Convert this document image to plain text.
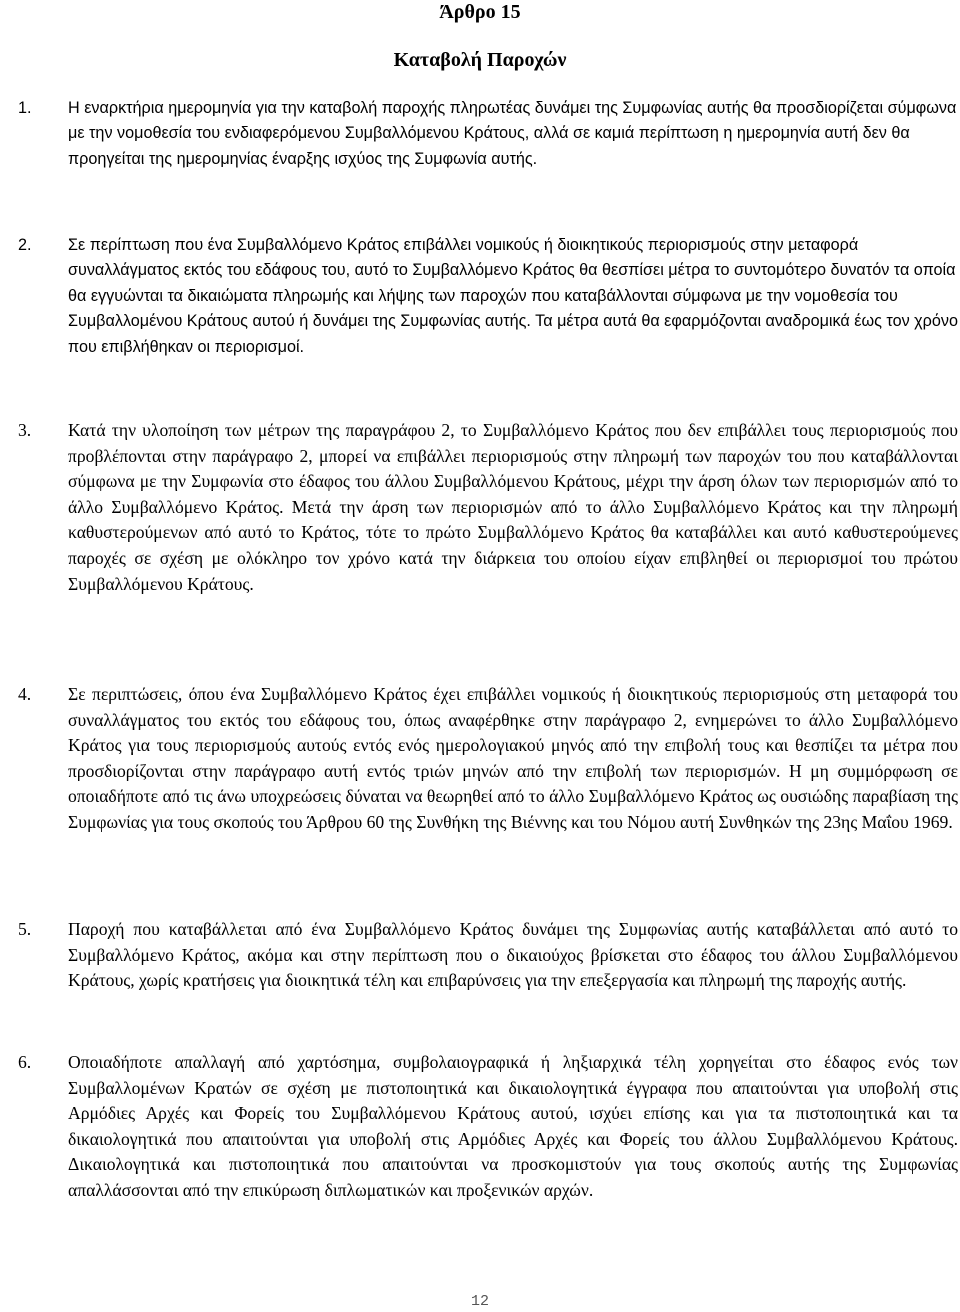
Άρθρο 15
Καταβολή Παροχών
1.	Η εναρκτήρια ημερομηνία για την καταβολή παροχής πληρωτέας δυνάμει της Συμφωνίας αυτής θα προσδιορίζεται σύμφωνα με την νομοθεσία του ενδιαφερόμενου Συμβαλλόμενου Κράτους, αλλά σε καμιά περίπτωση η ημερομηνία αυτή δεν θα προηγείται της ημερομηνίας έναρξης ισχύος της Συμφωνία αυτής.
2.	Σε περίπτωση που ένα Συμβαλλόμενο Κράτος επιβάλλει νομικούς ή διοικητικούς περιορισμούς στην μεταφορά συναλλάγματος εκτός του εδάφους του, αυτό το Συμβαλλόμενο Κράτος θα θεσπίσει μέτρα το συντομότερο δυνατόν τα οποία θα εγγυώνται τα δικαιώματα πληρωμής και λήψης των παροχών που καταβάλλονται σύμφωνα με την νομοθεσία του Συμβαλλομένου Κράτους αυτού ή δυνάμει της Συμφωνίας αυτής. Τα μέτρα αυτά θα εφαρμόζονται αναδρομικά έως τον χρόνο που επιβλήθηκαν οι περιορισμοί.
3.	Κατά την υλοποίηση των μέτρων της παραγράφου 2, το Συμβαλλόμενο Κράτος που δεν επιβάλλει τους περιορισμούς που προβλέπονται στην παράγραφο 2, μπορεί να επιβάλλει περιορισμούς στην πληρωμή των παροχών του που καταβάλλονται σύμφωνα με την Συμφωνία στο έδαφος του άλλου Συμβαλλόμενου Κράτους, μέχρι την άρση όλων των περιορισμών από το άλλο Συμβαλλόμενο Κράτος. Μετά την άρση των περιορισμών από το άλλο Συμβαλλόμενο Κράτος και την πληρωμή καθυστερούμενων από αυτό το Κράτος, τότε το πρώτο Συμβαλλόμενο Κράτος θα καταβάλλει και αυτό καθυστερούμενες παροχές σε σχέση με ολόκληρο τον χρόνο κατά την διάρκεια του οποίου είχαν επιβληθεί οι περιορισμοί του πρώτου Συμβαλλόμενου Κράτους.
4.	Σε περιπτώσεις, όπου ένα Συμβαλλόμενο Κράτος έχει επιβάλλει νομικούς ή διοικητικούς περιορισμούς στη μεταφορά του συναλλάγματος του εκτός του εδάφους του, όπως αναφέρθηκε στην παράγραφο 2, ενημερώνει το άλλο Συμβαλλόμενο Κράτος για τους περιορισμούς αυτούς εντός ενός ημερολογιακού μηνός από την επιβολή τους και θεσπίζει τα μέτρα που προσδιορίζονται στην παράγραφο αυτή εντός τριών μηνών από την επιβολή των περιορισμών. Η μη συμμόρφωση σε οποιαδήποτε από τις άνω υποχρεώσεις δύναται να θεωρηθεί από το άλλο Συμβαλλόμενο Κράτος ως ουσιώδης παραβίαση της Συμφωνίας για τους σκοπούς του Άρθρου 60 της Συνθήκη της Βιέννης και του Νόμου αυτή Συνθηκών της 23ης Μαΐου 1969.
5.	Παροχή που καταβάλλεται από ένα Συμβαλλόμενο Κράτος δυνάμει της Συμφωνίας αυτής καταβάλλεται από αυτό το Συμβαλλόμενο Κράτος, ακόμα και στην περίπτωση που ο δικαιούχος βρίσκεται στο έδαφος του άλλου Συμβαλλόμενου Κράτους, χωρίς κρατήσεις για διοικητικά τέλη και επιβαρύνσεις για την επεξεργασία και πληρωμή της παροχής αυτής.
6.	Οποιαδήποτε απαλλαγή από χαρτόσημα, συμβολαιογραφικά ή ληξιαρχικά τέλη χορηγείται στο έδαφος ενός των Συμβαλλομένων Κρατών σε σχέση με πιστοποιητικά και δικαιολογητικά έγγραφα που απαιτούνται για υποβολή στις Αρμόδιες Αρχές και Φορείς του Συμβαλλόμενου Κράτους αυτού, ισχύει επίσης και για τα πιστοποιητικά και τα δικαιολογητικά που απαιτούνται για υποβολή στις Αρμόδιες Αρχές και Φορείς του άλλου Συμβαλλόμενου Κράτους. Δικαιολογητικά και πιστοποιητικά που απαιτούνται να προσκομιστούν για τους σκοπούς αυτής της Συμφωνίας απαλλάσσονται από την επικύρωση διπλωματικών και προξενικών αρχών.
12
